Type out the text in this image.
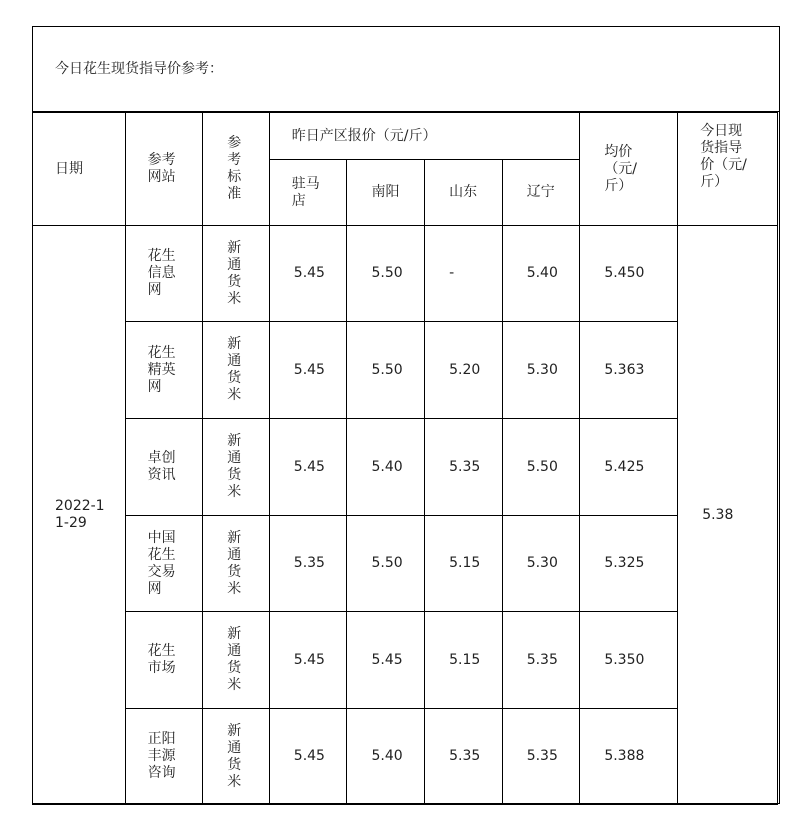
今日花生现货指导价参考：
日期	参考网站	参考标准	昨日产区报价（元/斤）				均价（元/斤）	今日现货指导价（元/斤）

			驻马店	南阳	山东	辽宁		

2022-11-29	花生信息网	新通货米	5.45	5.50	-	5.40	5.450	5.38

	花生精英网	新通货米	5.45	5.50	5.20	5.30	5.363	

	卓创资讯	新通货米	5.45	5.40	5.35	5.50	5.425	

	中国花生交易网	新通货米	5.35	5.50	5.15	5.30	5.325	

	花生市场	新通货米	5.45	5.45	5.15	5.35	5.350	

	正阳丰源咨询	新通货米	5.45	5.40	5.35	5.35	5.388	
